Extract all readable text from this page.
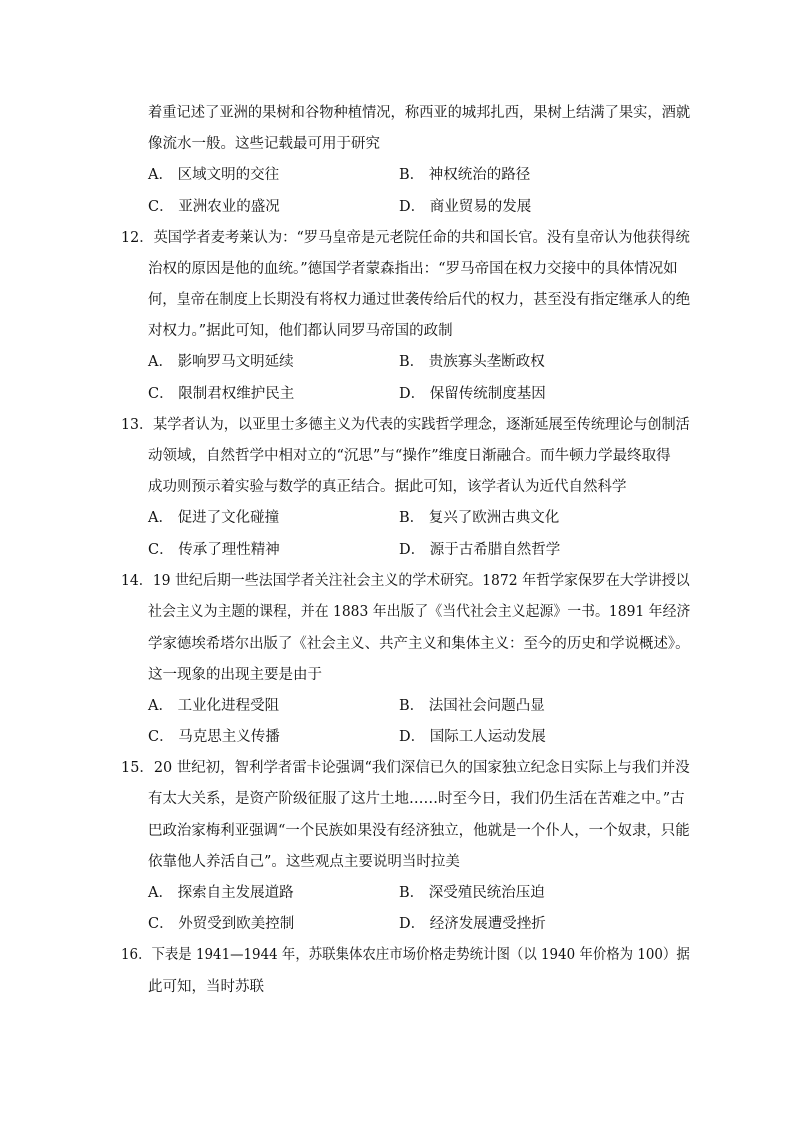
着重记述了亚洲的果树和谷物种植情况，称西亚的城邦扎西，果树上结满了果实，酒就
像流水一般。这些记载最可用于研究
A． 区域文明的交往	B． 神权统治的路径
C． 亚洲农业的盛况	D． 商业贸易的发展
12．英国学者麦考莱认为：“罗马皇帝是元老院任命的共和国长官。没有皇帝认为他获得统
治权的原因是他的血统。”德国学者蒙森指出：“罗马帝国在权力交接中的具体情况如
何，皇帝在制度上长期没有将权力通过世袭传给后代的权力，甚至没有指定继承人的绝
对权力。”据此可知，他们都认同罗马帝国的政制
A． 影响罗马文明延续	B． 贵族寡头垄断政权
C． 限制君权维护民主	D． 保留传统制度基因
13．某学者认为，以亚里士多德主义为代表的实践哲学理念，逐渐延展至传统理论与创制活
动领域，自然哲学中相对立的“沉思”与“操作”维度日渐融合。而牛顿力学最终取得
成功则预示着实验与数学的真正结合。据此可知，该学者认为近代自然科学
A． 促进了文化碰撞	B． 复兴了欧洲古典文化
C． 传承了理性精神	D． 源于古希腊自然哲学
14．19 世纪后期一些法国学者关注社会主义的学术研究。1872 年哲学家保罗在大学讲授以
社会主义为主题的课程，并在 1883 年出版了《当代社会主义起源》一书。1891 年经济
学家德埃希塔尔出版了《社会主义、共产主义和集体主义：至今的历史和学说概述》。
这一现象的出现主要是由于
A． 工业化进程受阻	B． 法国社会问题凸显
C． 马克思主义传播	D． 国际工人运动发展
15．20 世纪初，智利学者雷卡论强调“我们深信已久的国家独立纪念日实际上与我们并没
有太大关系，是资产阶级征服了这片土地……时至今日，我们仍生活在苦难之中。”古
巴政治家梅利亚强调“一个民族如果没有经济独立，他就是一个仆人，一个奴隶，只能
依靠他人养活自己”。这些观点主要说明当时拉美
A． 探索自主发展道路	B． 深受殖民统治压迫
C． 外贸受到欧美控制	D． 经济发展遭受挫折
16．下表是 1941—1944 年，苏联集体农庄市场价格走势统计图（以 1940 年价格为 100）据
此可知，当时苏联
